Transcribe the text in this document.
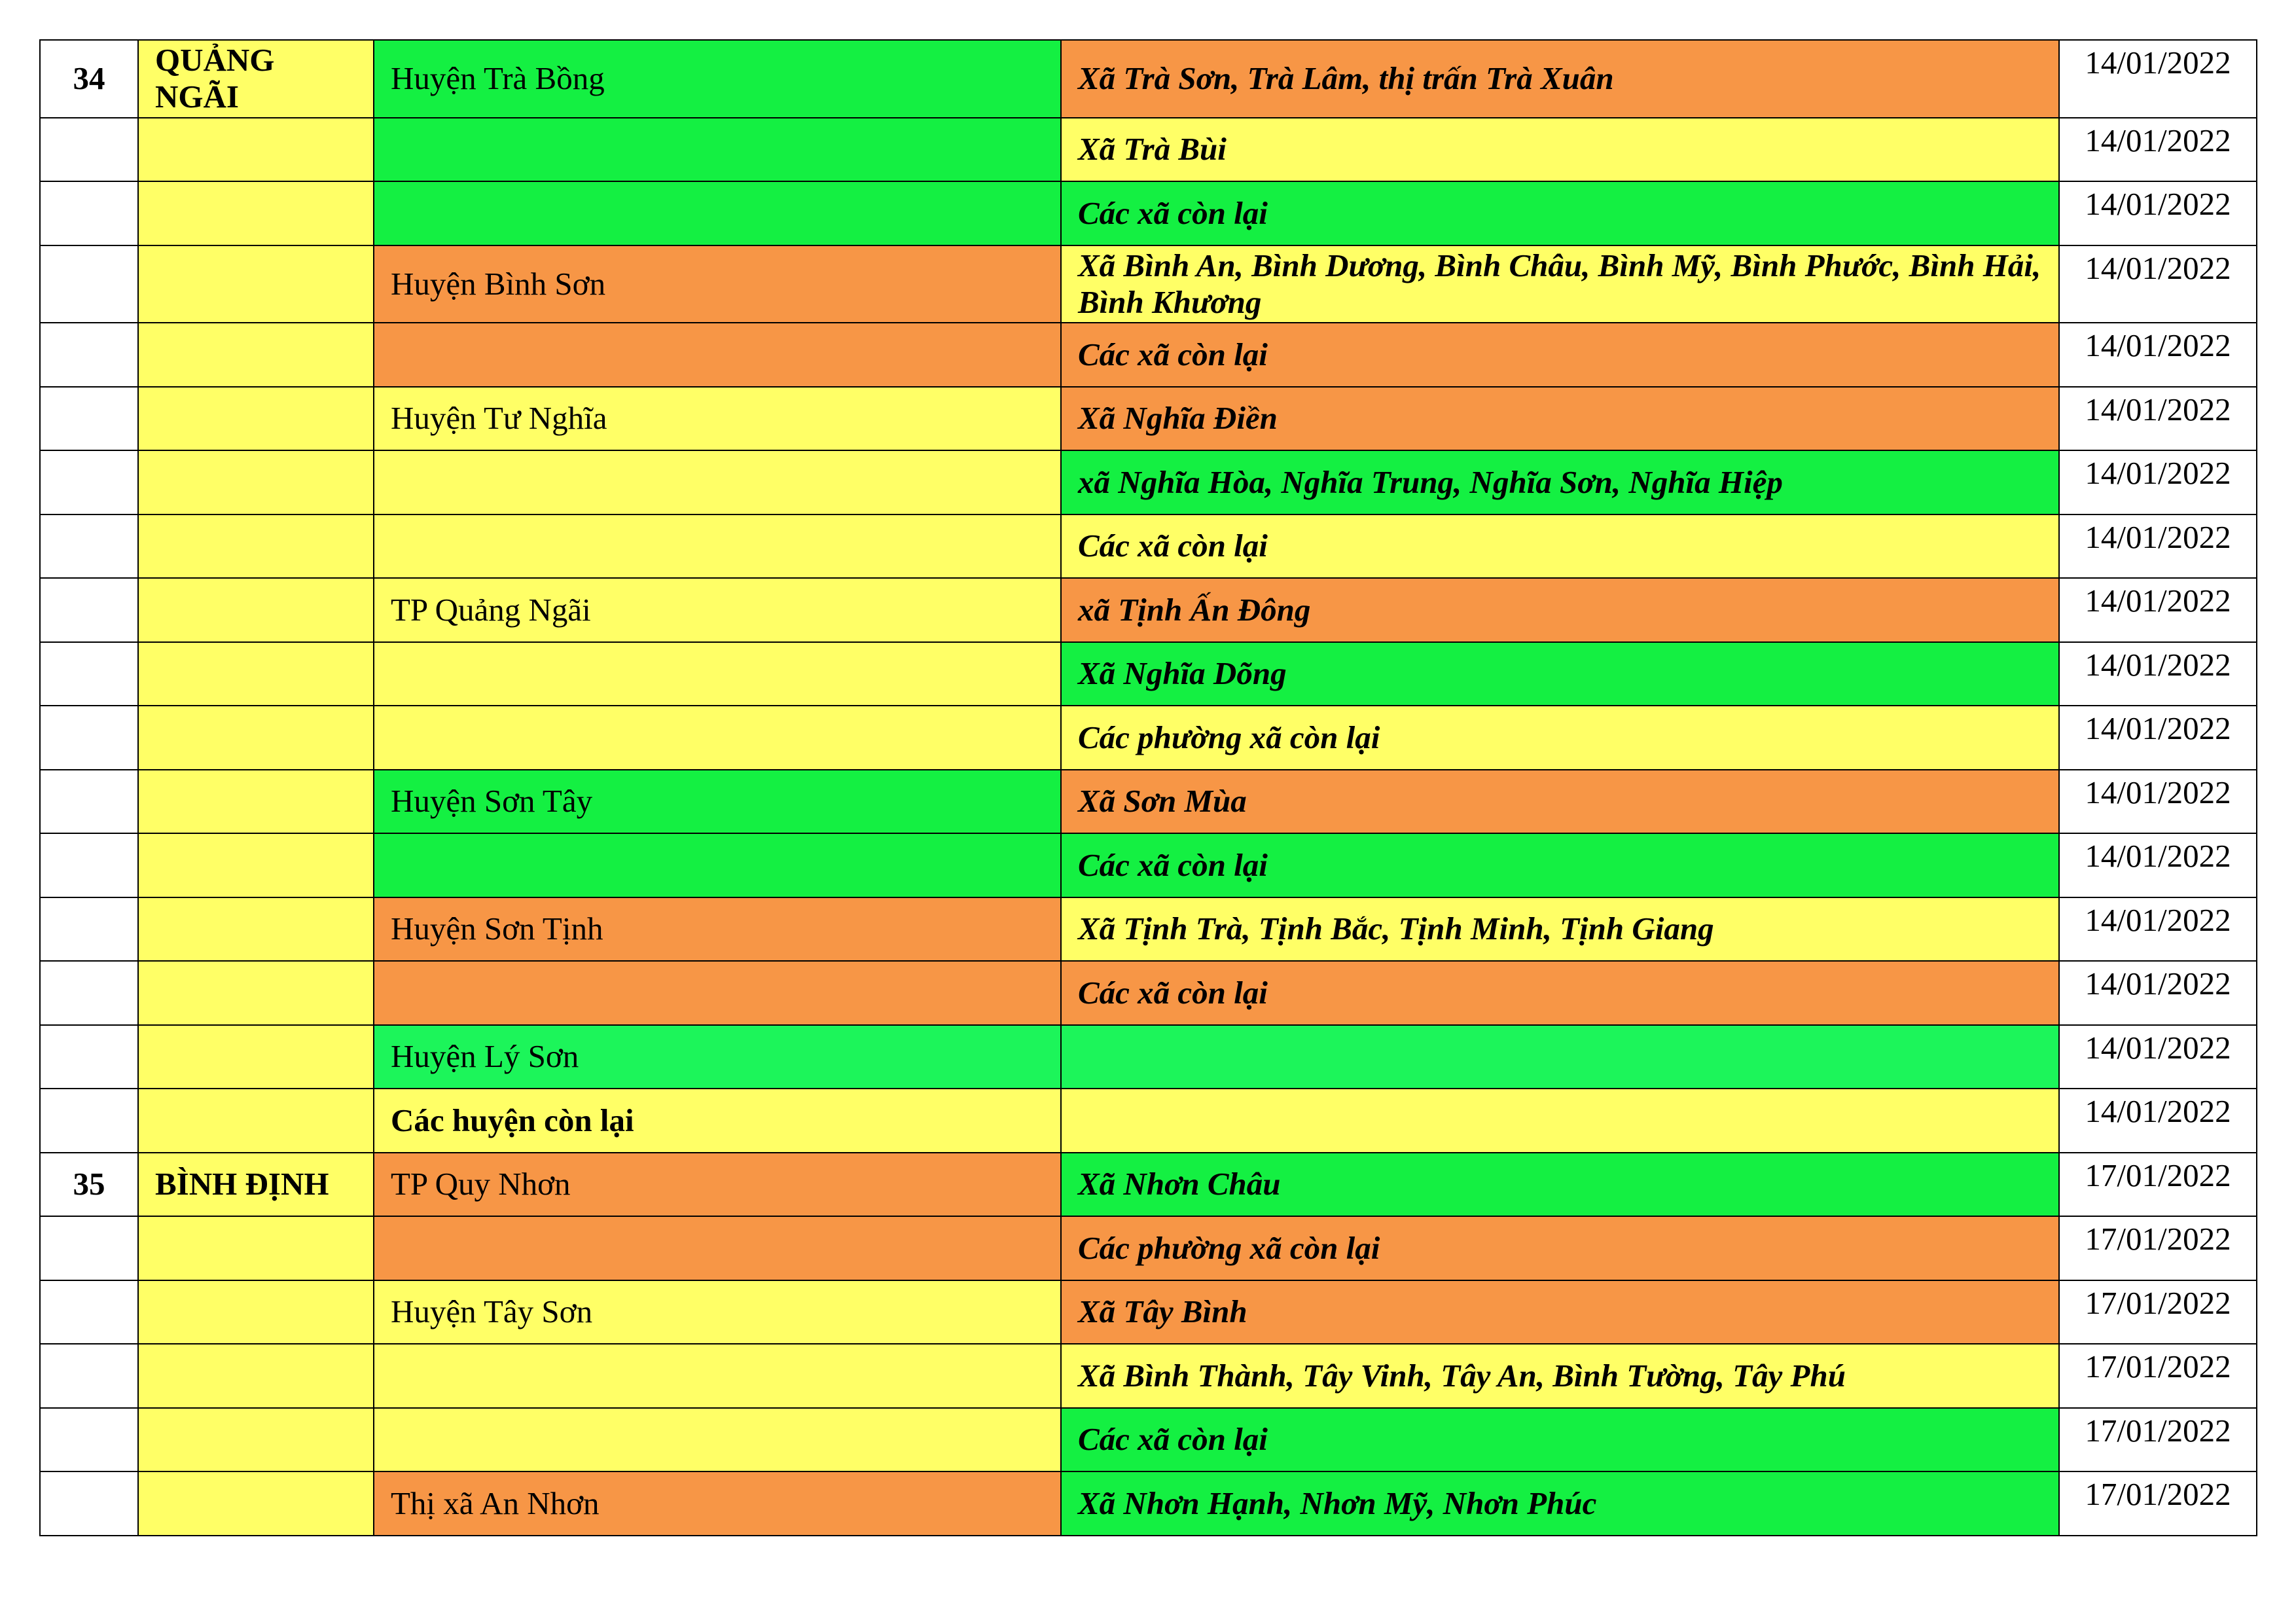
34	QUẢNG NGÃI	Huyện Trà Bồng	Xã Trà Sơn, Trà Lâm, thị trấn Trà Xuân	14/01/2022
			Xã Trà Bùi	14/01/2022
			Các xã còn lại	14/01/2022
		Huyện Bình Sơn	Xã Bình An, Bình Dương, Bình Châu, Bình Mỹ, Bình Phước, Bình Hải, Bình Khương	14/01/2022
			Các xã còn lại	14/01/2022
		Huyện Tư Nghĩa	Xã Nghĩa Điền	14/01/2022
			xã Nghĩa Hòa, Nghĩa Trung, Nghĩa Sơn, Nghĩa Hiệp	14/01/2022
			Các xã còn lại	14/01/2022
		TP Quảng Ngãi	xã Tịnh Ấn Đông	14/01/2022
			Xã Nghĩa Dõng	14/01/2022
			Các phường xã còn lại	14/01/2022
		Huyện Sơn Tây	Xã Sơn Mùa	14/01/2022
			Các xã còn lại	14/01/2022
		Huyện Sơn Tịnh	Xã Tịnh Trà, Tịnh Bắc, Tịnh Minh, Tịnh Giang	14/01/2022
			Các xã còn lại	14/01/2022
		Huyện Lý Sơn		14/01/2022
		Các huyện còn lại		14/01/2022
35	BÌNH ĐỊNH	TP Quy Nhơn	Xã Nhơn Châu	17/01/2022
			Các phường xã còn lại	17/01/2022
		Huyện Tây Sơn	Xã Tây Bình	17/01/2022
			Xã Bình Thành, Tây Vinh, Tây An, Bình Tường, Tây Phú	17/01/2022
			Các xã còn lại	17/01/2022
		Thị xã An Nhơn	Xã Nhơn Hạnh, Nhơn Mỹ, Nhơn Phúc	17/01/2022
